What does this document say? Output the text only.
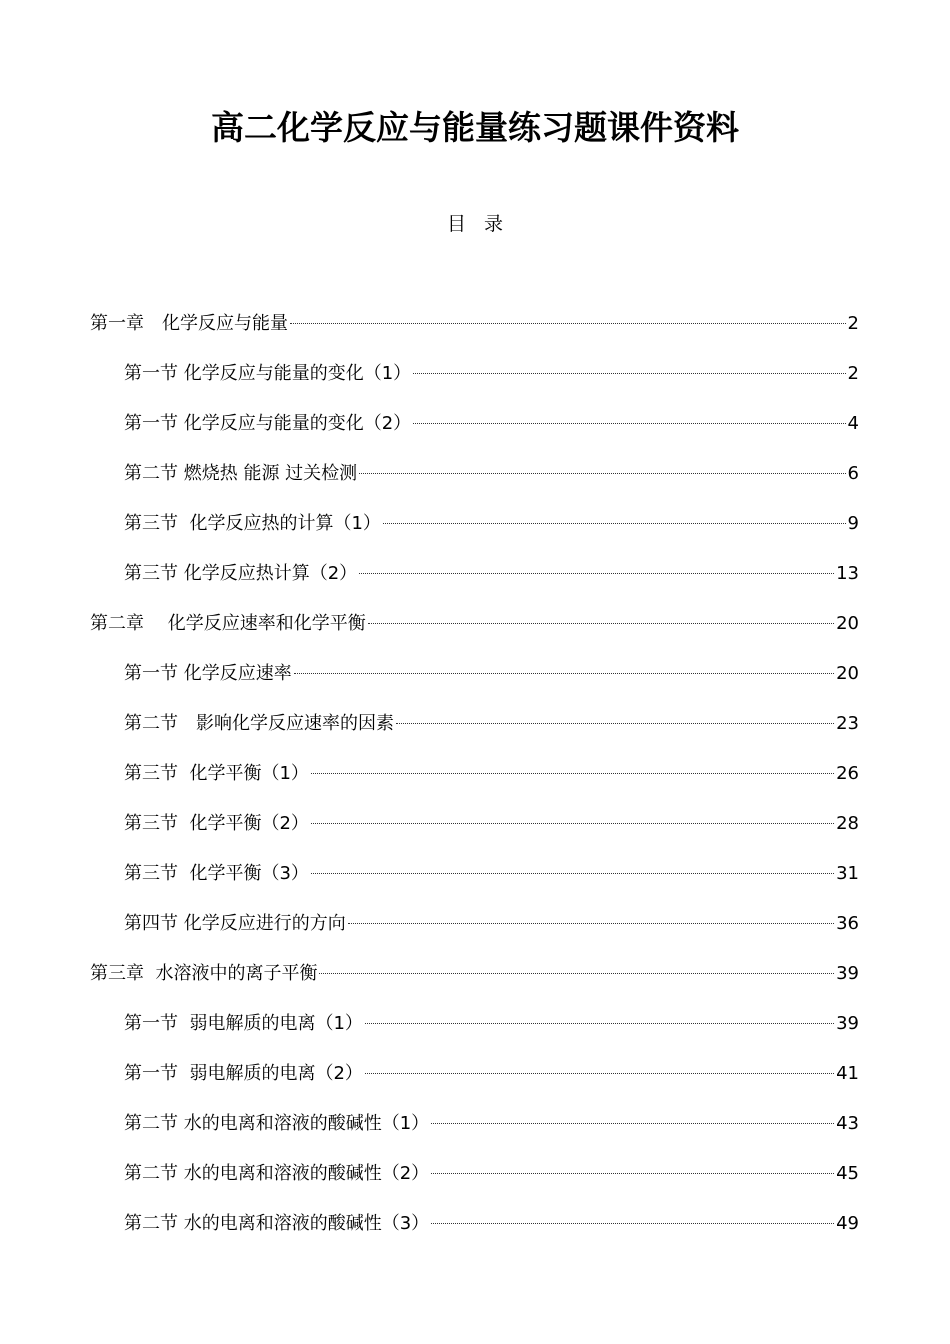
高二化学反应与能量练习题课件资料
目录
第一章　化学反应与能量	2
第一节 化学反应与能量的变化（1）	2
第一节 化学反应与能量的变化（2）	4
第二节 燃烧热 能源 过关检测	6
第三节  化学反应热的计算（1）	9
第三节 化学反应热计算（2）	13
第二章　 化学反应速率和化学平衡	20
第一节 化学反应速率	20
第二节　影响化学反应速率的因素	23
第三节  化学平衡（1）	26
第三节  化学平衡（2）	28
第三节  化学平衡（3）	31
第四节 化学反应进行的方向	36
第三章  水溶液中的离子平衡	39
第一节  弱电解质的电离（1）	39
第一节  弱电解质的电离（2）	41
第二节 水的电离和溶液的酸碱性（1）	43
第二节 水的电离和溶液的酸碱性（2）	45
第二节 水的电离和溶液的酸碱性（3）	49
